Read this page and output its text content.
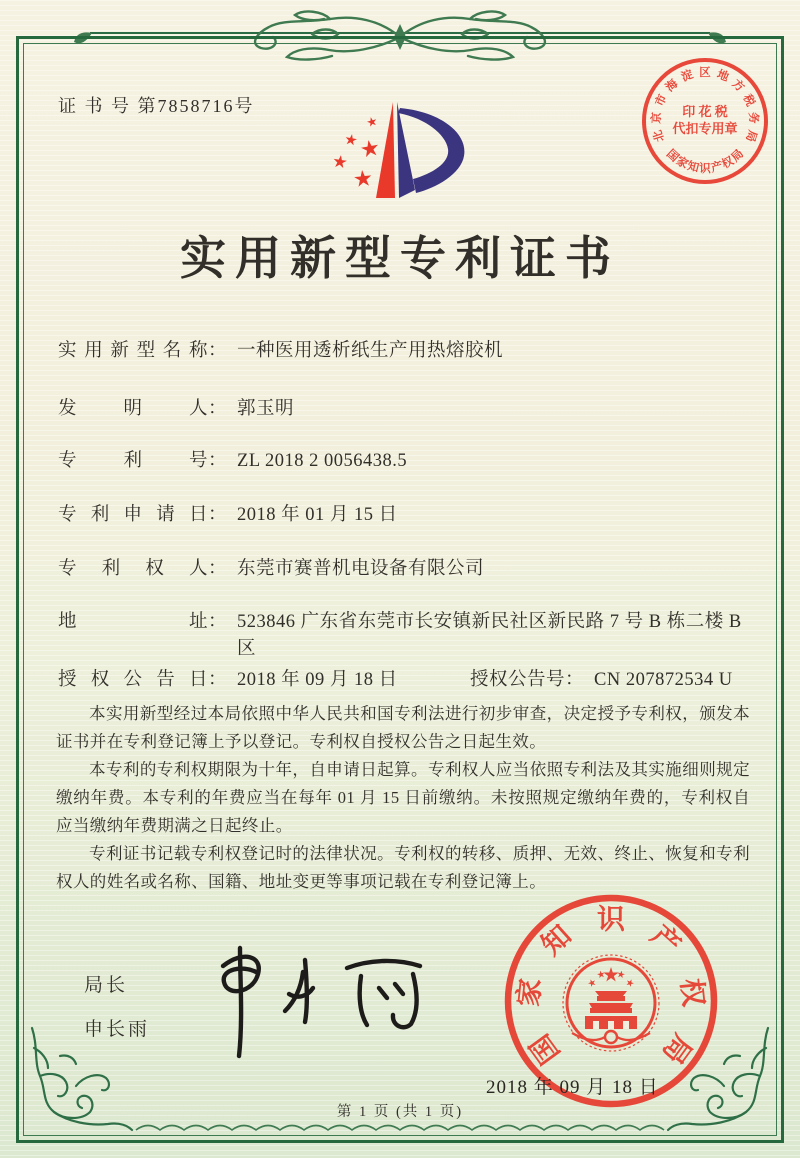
证 书 号 第7858716号
实用新型专利证书
实用新型名称 ： 一种医用透析纸生产用热熔胶机
发明人 ： 郭玉明
专利号 ： ZL 2018 2 0056438.5
专利申请日 ： 2018 年 01 月 15 日
专利权人 ： 东莞市赛普机电设备有限公司
地址 ： 523846 广东省东莞市长安镇新民社区新民路 7 号 B 栋二楼 B 区
授权公告日 ： 2018 年 09 月 18 日	授权公告号 ： CN 207872534 U

本实用新型经过本局依照中华人民共和国专利法进行初步审查，决定授予专利权，颁发本证书并在专利登记簿上予以登记。专利权自授权公告之日起生效。

本专利的专利权期限为十年，自申请日起算。专利权人应当依照专利法及其实施细则规定缴纳年费。本专利的年费应当在每年 01 月 15 日前缴纳。未按照规定缴纳年费的，专利权自应当缴纳年费期满之日起终止。

专利证书记载专利权登记时的法律状况。专利权的转移、质押、无效、终止、恢复和专利权人的姓名或名称、国籍、地址变更等事项记载在专利登记簿上。

局长
申长雨	国
家
知 识 产
权
局
2018 年 09 月 18 日
北
京
市
海
淀 区 地
方
税
务
局
国
家
知 识 产
权
局
印 花 税
代扣专用章
第 1 页 (共 1 页)
